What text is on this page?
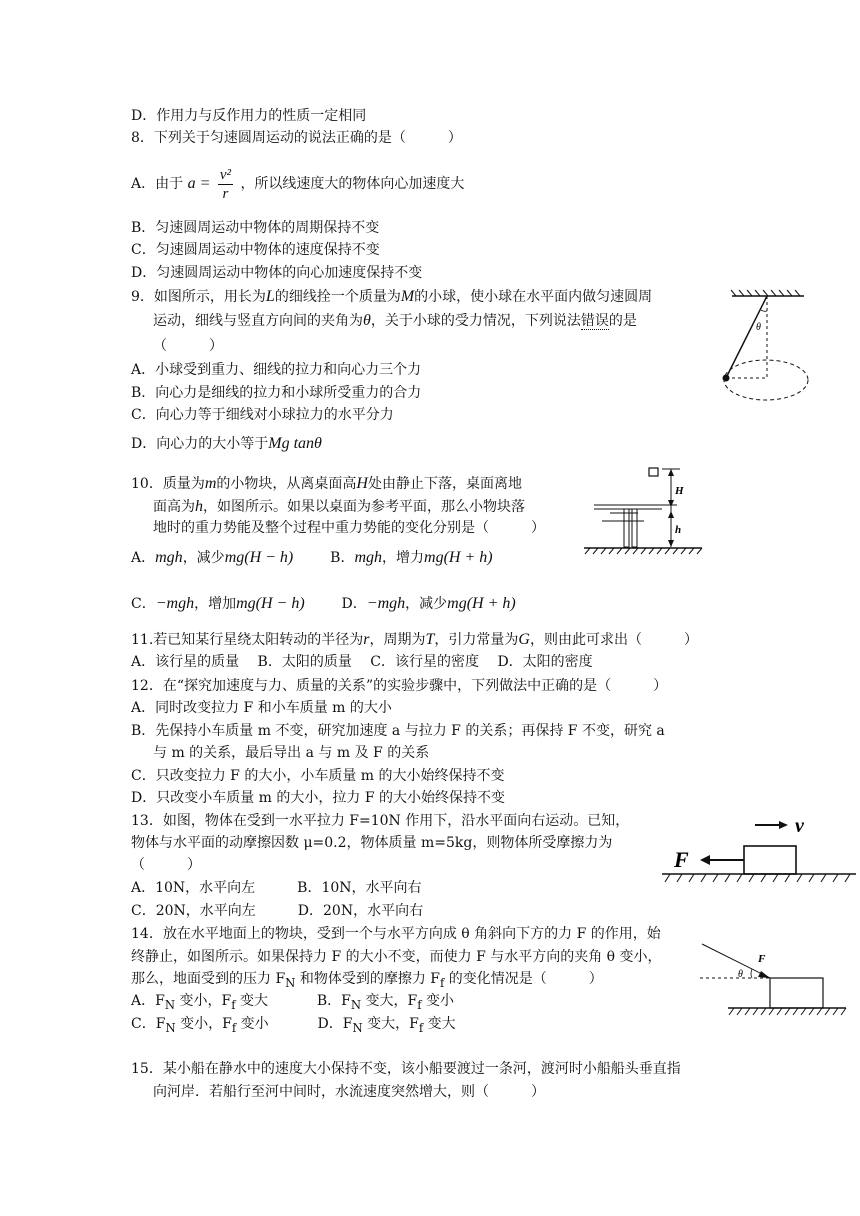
D．作用力与反作用力的性质一定相同
8．下列关于匀速圆周运动的说法正确的是（　　　）
A．由于 $a = \frac{\text{v²}}{r}$ ，所以线速度大的物体向心加速度大
B．匀速圆周运动中物体的周期保持不变
C．匀速圆周运动中物体的速度保持不变
D．匀速圆周运动中物体的向心加速度保持不变
9．如图所示，用长为L的细线拴一个质量为M的小球，使小球在水平面内做匀速圆周
运动，细线与竖直方向间的夹角为θ，关于小球的受力情况，下列说法错误的是
（　　　）
A．小球受到重力、细线的拉力和向心力三个力
B．向心力是细线的拉力和小球所受重力的合力
C．向心力等于细线对小球拉力的水平分力
D．向心力的大小等于Mg tanθ
θ
10．质量为m的小物块，从离桌面高H处由静止下落，桌面离地
面高为h，如图所示。如果以桌面为参考平面，那么小物块落
地时的重力势能及整个过程中重力势能的变化分别是（　　　）
A．mgh，减少mg(H − h)	B．mgh，增力mg(H + h)
C．−mgh，增加mg(H − h)	D．−mgh，减少mg(H + h)
H
h
11.若已知某行星绕太阳转动的半径为r，周期为T，引力常量为G，则由此可求出（　　　）
A．该行星的质量　 B．太阳的质量　 C．该行星的密度　 D．太阳的密度
12．在“探究加速度与力、质量的关系”的实验步骤中，下列做法中正确的是（　　　）
A．同时改变拉力 F 和小车质量 m 的大小
B．先保持小车质量 m 不变，研究加速度 a 与拉力 F 的关系；再保持 F 不变，研究 a
与 m 的关系，最后导出 a 与 m 及 F 的关系
C．只改变拉力 F 的大小，小车质量 m 的大小始终保持不变
D．只改变小车质量 m 的大小，拉力 F 的大小始终保持不变
13．如图，物体在受到一水平拉力 F=10N 作用下，沿水平面向右运动。已知，
物体与水平面的动摩擦因数 μ=0.2，物体质量 m=5kg，则物体所受摩擦力为
（　　　）
A．10N，水平向左　　　B．10N，水平向右
C．20N，水平向左　　　D．20N，水平向右
v
F
14．放在水平地面上的物块，受到一个与水平方向成 θ 角斜向下方的力 F 的作用，始
终静止，如图所示。如果保持力 F 的大小不变，而使力 F 与水平方向的夹角 θ 变小，
那么，地面受到的压力 $F_N$ 和物体受到的摩擦力 $F_f$ 的变化情况是（　　　）
A．$F_N$ 变小，$F_f$ 变大	B．$F_N$ 变大，$F_f$ 变小
C．$F_N$ 变小，$F_f$ 变小	D．$F_N$ 变大，$F_f$ 变大
F
θ
15．某小船在静水中的速度大小保持不变，该小船要渡过一条河，渡河时小船船头垂直指
向河岸．若船行至河中间时，水流速度突然增大，则（　　　）
